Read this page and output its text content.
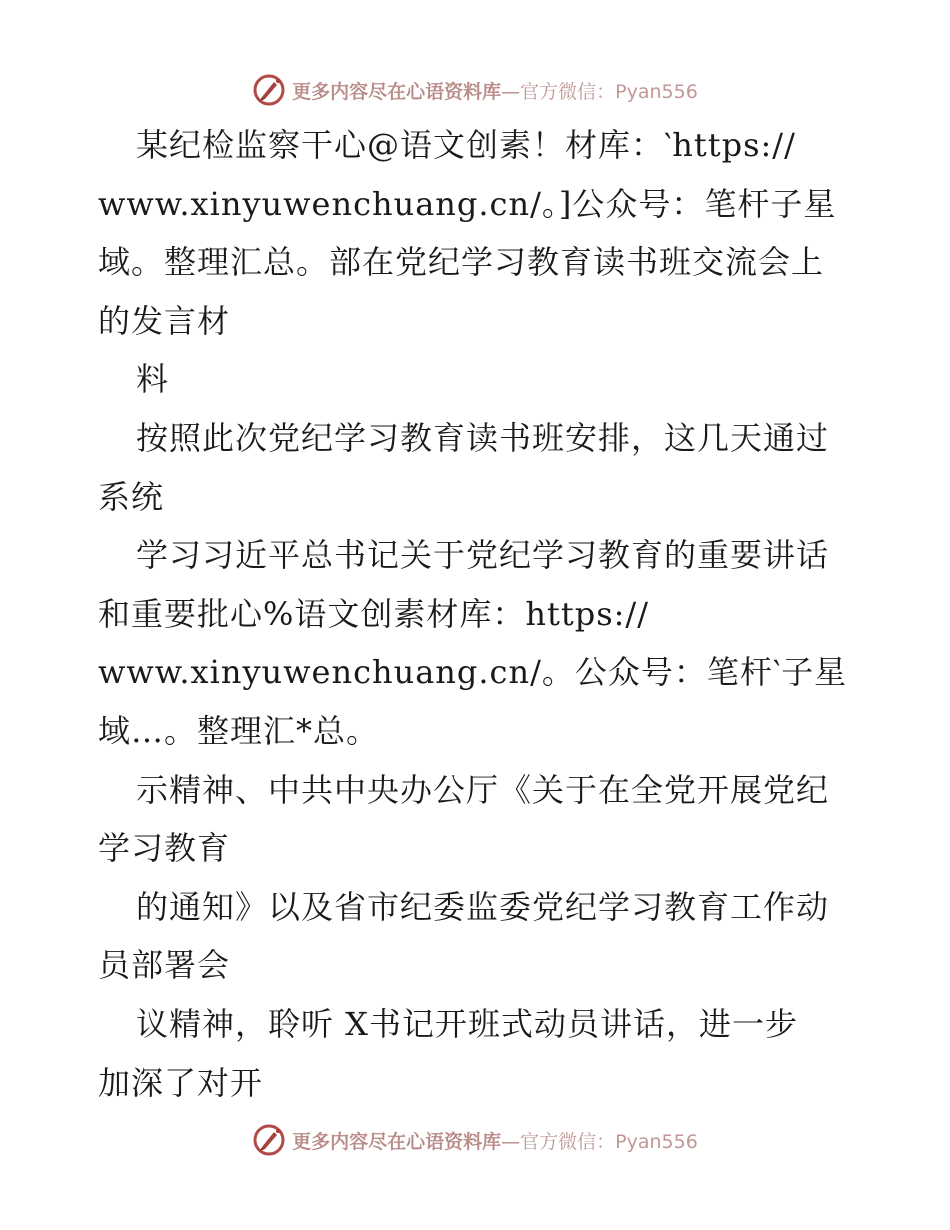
更多内容尽在心语资料库—官方微信：Pyan556
某纪检监察干心@语文创素！材库：‵https://
www.xinyuwenchuang.cn/。]公众号：笔杆子星
域。整理汇总。部在党纪学习教育读书班交流会上
的发言材
料
按照此次党纪学习教育读书班安排，这几天通过
系统
学习习近平总书记关于党纪学习教育的重要讲话
和重要批心%语文创素材库：https://
www.xinyuwenchuang.cn/。公众号：笔杆‵子星
域…。整理汇*总。
示精神、中共中央办公厅《关于在全党开展党纪
学习教育
的通知》以及省市纪委监委党纪学习教育工作动
员部署会
议精神，聆听 X书记开班式动员讲话，进一步
加深了对开
更多内容尽在心语资料库—官方微信：Pyan556
